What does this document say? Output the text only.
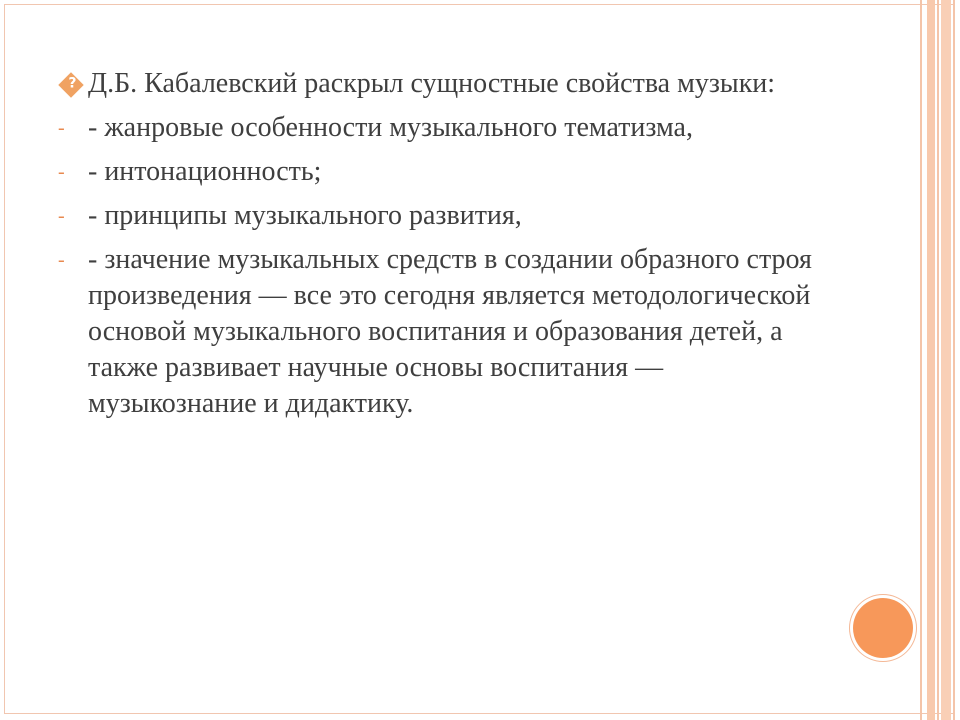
? Д.Б. Кабалевский раскрыл сущностные свойства музыки:
- - жанровые особенности музыкального тематизма,
- - интонационность;
- - принципы музыкального развития,
- - значение музыкальных средств в создании образного строя произведения — все это сегодня является методологической основой музыкального воспитания и образования детей, а также развивает научные основы воспитания — музыкознание и дидактику.
